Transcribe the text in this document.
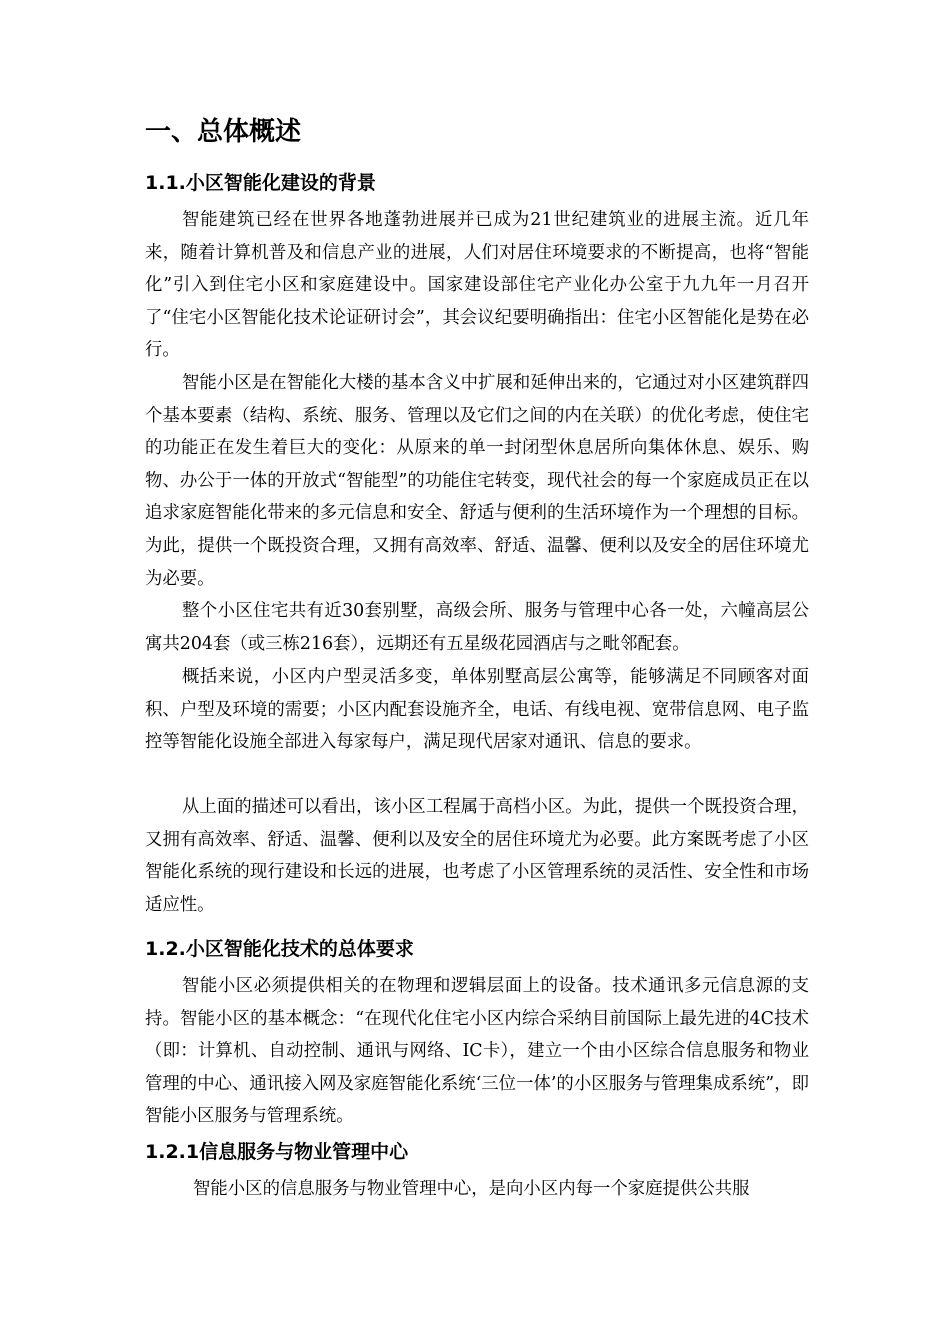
一、总体概述
1.1.小区智能化建设的背景

智能建筑已经在世界各地蓬勃进展并已成为21世纪建筑业的进展主流。近几年来，随着计算机普及和信息产业的进展，人们对居住环境要求的不断提高，也将“智能化”引入到住宅小区和家庭建设中。国家建设部住宅产业化办公室于九九年一月召开了“住宅小区智能化技术论证研讨会”，其会议纪要明确指出：住宅小区智能化是势在必行。

智能小区是在智能化大楼的基本含义中扩展和延伸出来的，它通过对小区建筑群四个基本要素（结构、系统、服务、管理以及它们之间的内在关联）的优化考虑，使住宅的功能正在发生着巨大的变化：从原来的单一封闭型休息居所向集体休息、娱乐、购物、办公于一体的开放式“智能型”的功能住宅转变，现代社会的每一个家庭成员正在以追求家庭智能化带来的多元信息和安全、舒适与便利的生活环境作为一个理想的目标。为此，提供一个既投资合理，又拥有高效率、舒适、温馨、便利以及安全的居住环境尤为必要。

整个小区住宅共有近30套别墅，高级会所、服务与管理中心各一处，六幢高层公寓共204套（或三栋216套），远期还有五星级花园酒店与之毗邻配套。

概括来说，小区内户型灵活多变，单体别墅高层公寓等，能够满足不同顾客对面积、户型及环境的需要；小区内配套设施齐全，电话、有线电视、宽带信息网、电子监控等智能化设施全部进入每家每户，满足现代居家对通讯、信息的要求。

从上面的描述可以看出，该小区工程属于高档小区。为此，提供一个既投资合理，又拥有高效率、舒适、温馨、便利以及安全的居住环境尤为必要。此方案既考虑了小区智能化系统的现行建设和长远的进展，也考虑了小区管理系统的灵活性、安全性和市场适应性。

1.2.小区智能化技术的总体要求

智能小区必须提供相关的在物理和逻辑层面上的设备。技术通讯多元信息源的支持。智能小区的基本概念：“在现代化住宅小区内综合采纳目前国际上最先进的4C技术（即：计算机、自动控制、通讯与网络、IC卡），建立一个由小区综合信息服务和物业管理的中心、通讯接入网及家庭智能化系统‘三位一体’的小区服务与管理集成系统”，即智能小区服务与管理系统。

1.2.1信息服务与物业管理中心

智能小区的信息服务与物业管理中心，是向小区内每一个家庭提供公共服
